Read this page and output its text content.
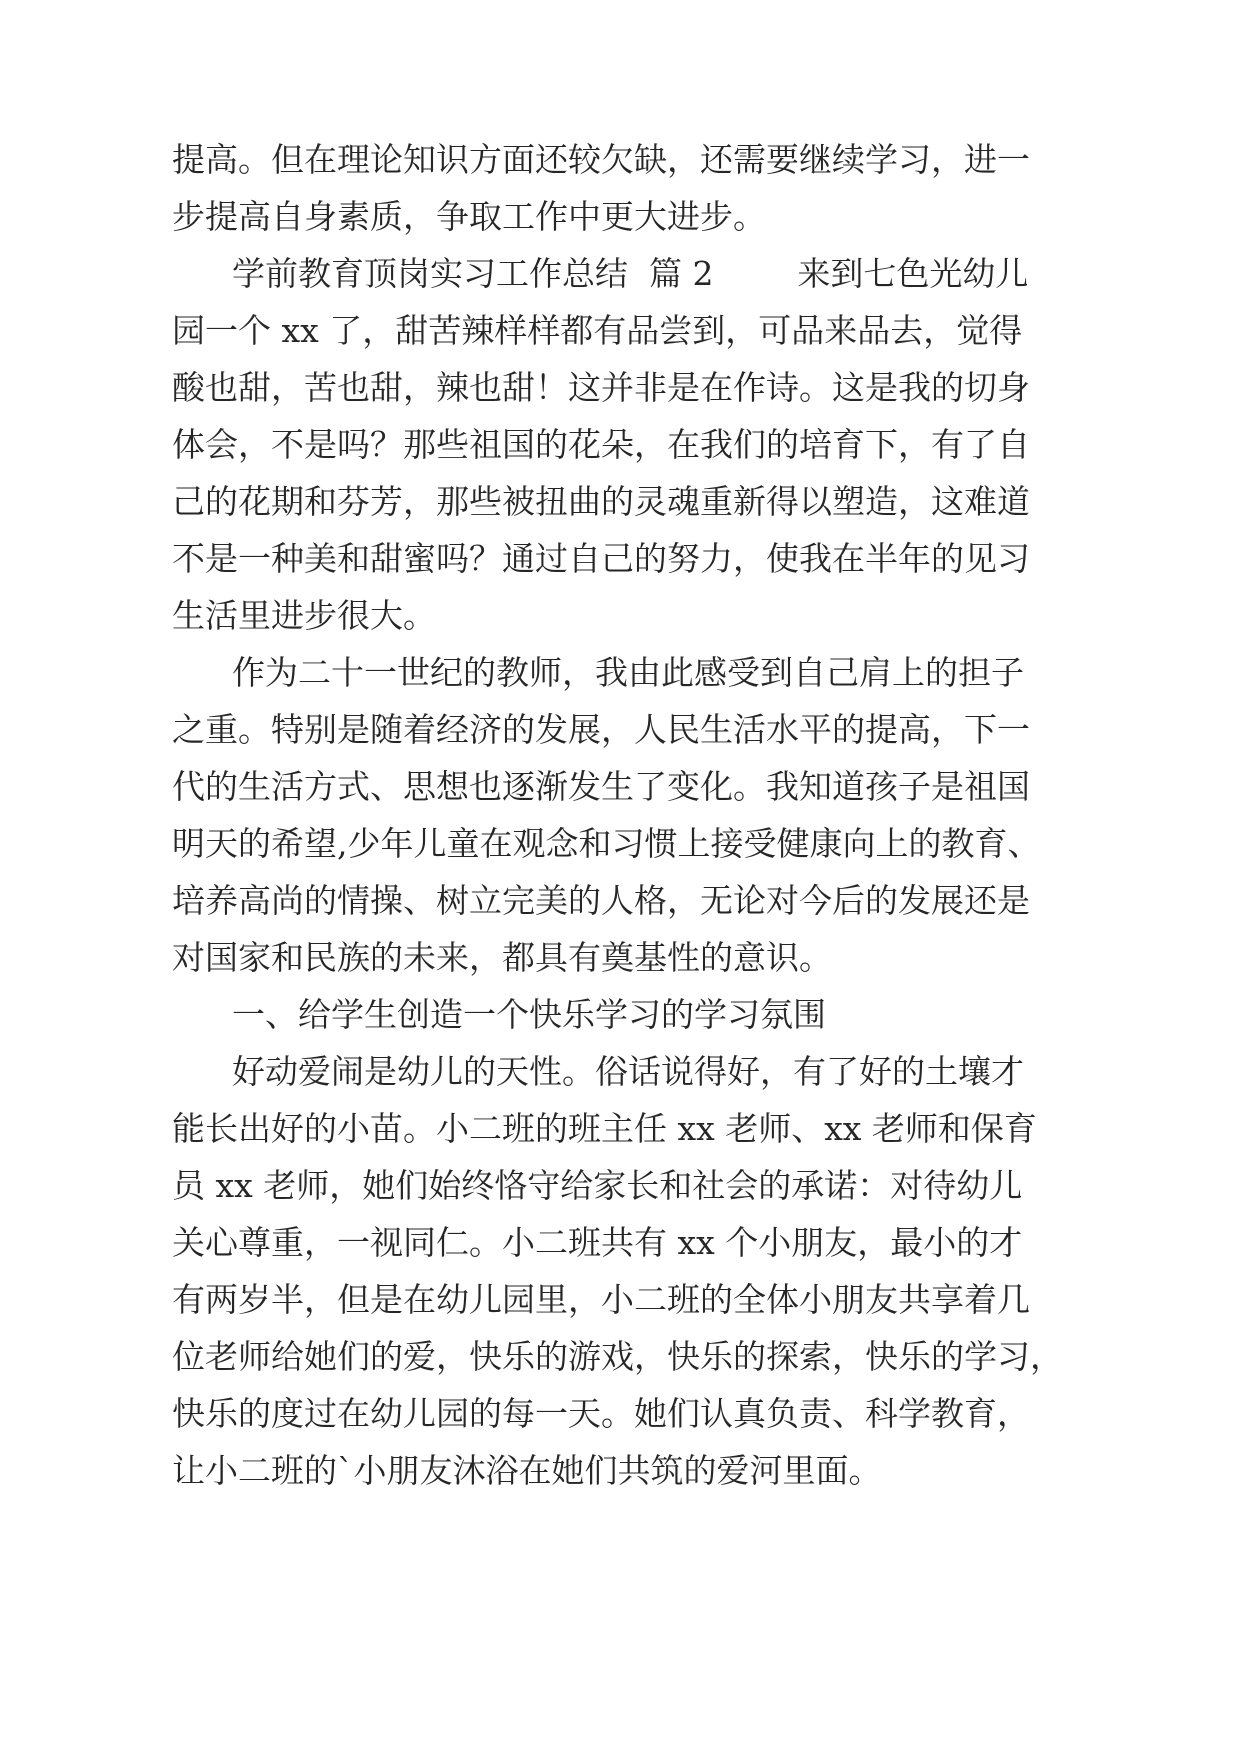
提高。但在理论知识方面还较欠缺，还需要继续学习，进一
步提高自身素质，争取工作中更大进步。
学前教育顶岗实习工作总结  篇 2        来到七色光幼儿
园一个 xx 了，甜苦辣样样都有品尝到，可品来品去，觉得
酸也甜，苦也甜，辣也甜！这并非是在作诗。这是我的切身
体会，不是吗？那些祖国的花朵，在我们的培育下，有了自
己的花期和芬芳，那些被扭曲的灵魂重新得以塑造，这难道
不是一种美和甜蜜吗？通过自己的努力，使我在半年的见习
生活里进步很大。
作为二十一世纪的教师，我由此感受到自己肩上的担子
之重。特别是随着经济的发展，人民生活水平的提高，下一
代的生活方式、思想也逐渐发生了变化。我知道孩子是祖国
明天的希望,少年儿童在观念和习惯上接受健康向上的教育、
培养高尚的情操、树立完美的人格，无论对今后的发展还是
对国家和民族的未来，都具有奠基性的意识。
一、给学生创造一个快乐学习的学习氛围
好动爱闹是幼儿的天性。俗话说得好，有了好的土壤才
能长出好的小苗。小二班的班主任 xx 老师、xx 老师和保育
员 xx 老师，她们始终恪守给家长和社会的承诺：对待幼儿
关心尊重，一视同仁。小二班共有 xx 个小朋友，最小的才
有两岁半，但是在幼儿园里，小二班的全体小朋友共享着几
位老师给她们的爱，快乐的游戏，快乐的探索，快乐的学习，
快乐的度过在幼儿园的每一天。她们认真负责、科学教育，
让小二班的`小朋友沐浴在她们共筑的爱河里面。
